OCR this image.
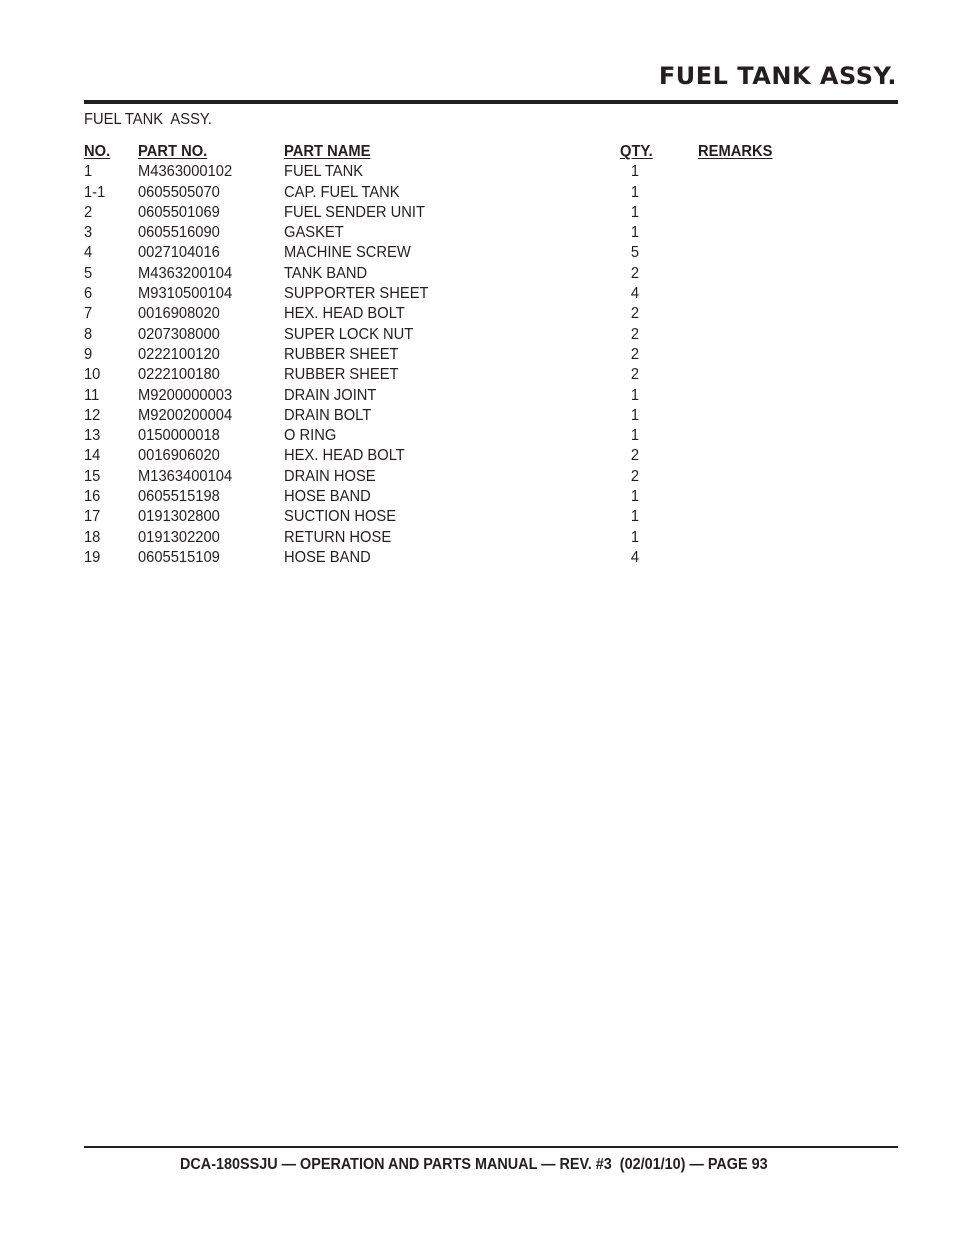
FUEL TANK ASSY.
FUEL TANK  ASSY.
NO. PART NO.	PART NAME	QTY.	REMARKS
1	M4363000102	FUEL TANK	1
1-1 0605505070	CAP. FUEL TANK	1
2	0605501069	FUEL SENDER UNIT	1
3	0605516090	GASKET	1
4	0027104016	MACHINE SCREW	5
5	M4363200104	TANK BAND	2
6	M9310500104	SUPPORTER SHEET	4
7	0016908020	HEX. HEAD BOLT	2
8	0207308000	SUPER LOCK NUT	2
9	0222100120	RUBBER SHEET	2
10 0222100180	RUBBER SHEET	2
11 M9200000003	DRAIN JOINT	1
12 M9200200004	DRAIN BOLT	1
13 0150000018	O RING	1
14 0016906020	HEX. HEAD BOLT	2
15 M1363400104	DRAIN HOSE	2
16 0605515198	HOSE BAND	1
17 0191302800	SUCTION HOSE	1
18 0191302200	RETURN HOSE	1
19 0605515109	HOSE BAND	4
DCA-180SSJU — OPERATION AND PARTS MANUAL — REV. #3  (02/01/10) — PAGE 93
